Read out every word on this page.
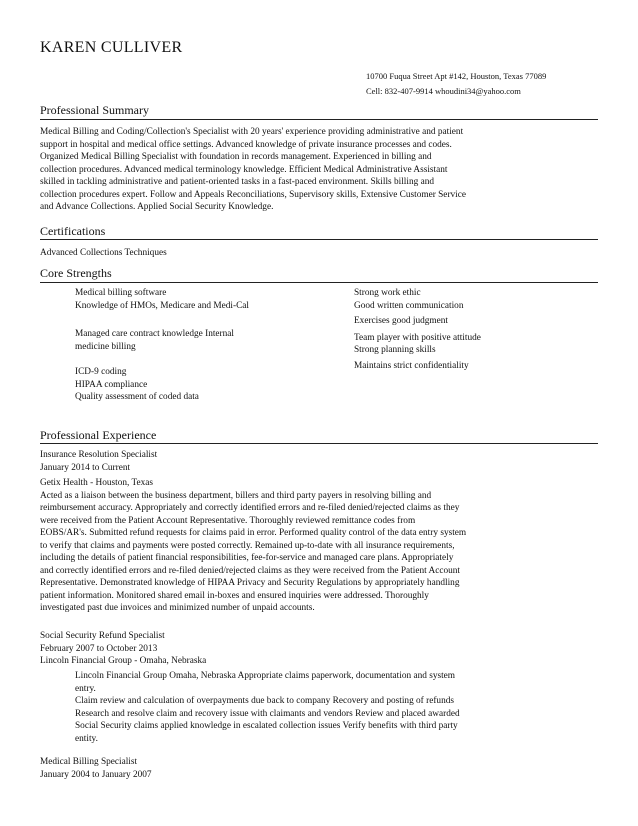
KAREN CULLIVER
10700 Fuqua Street Apt #142, Houston, Texas 77089
Cell: 832-407-9914 whoudini34@yahoo.com
Professional Summary

Medical Billing and Coding/Collection's Specialist with 20 years' experience providing administrative and patient

support in hospital and medical office settings. Advanced knowledge of private insurance processes and codes.

Organized Medical Billing Specialist with foundation in records management. Experienced in billing and

collection procedures. Advanced medical terminology knowledge. Efficient Medical Administrative Assistant

skilled in tackling administrative and patient-oriented tasks in a fast-paced environment. Skills billing and

collection procedures expert. Follow and Appeals Reconciliations, Supervisory skills, Extensive Customer Service

and Advance Collections. Applied Social Security Knowledge.

Certifications

Advanced Collections Techniques

Core Strengths

Medical billing software

Knowledge of HMOs, Medicare and Medi-Cal

Managed care contract knowledge Internal

medicine billing

ICD-9 coding

HIPAA compliance

Quality assessment of coded data

Strong work ethic

Good written communication

Exercises good judgment

Team player with positive attitude

Strong planning skills

Maintains strict confidentiality

Professional Experience

Insurance Resolution Specialist

January 2014 to Current

Getix Health - Houston, Texas

Acted as a liaison between the business department, billers and third party payers in resolving billing and

reimbursement accuracy. Appropriately and correctly identified errors and re-filed denied/rejected claims as they

were received from the Patient Account Representative. Thoroughly reviewed remittance codes from

EOBS/AR's. Submitted refund requests for claims paid in error. Performed quality control of the data entry system

to verify that claims and payments were posted correctly. Remained up-to-date with all insurance requirements,

including the details of patient financial responsibilities, fee-for-service and managed care plans. Appropriately

and correctly identified errors and re-filed denied/rejected claims as they were received from the Patient Account

Representative. Demonstrated knowledge of HIPAA Privacy and Security Regulations by appropriately handling

patient information. Monitored shared email in-boxes and ensured inquiries were addressed. Thoroughly

investigated past due invoices and minimized number of unpaid accounts.

Social Security Refund Specialist

February 2007 to October 2013

Lincoln Financial Group - Omaha, Nebraska

Lincoln Financial Group Omaha, Nebraska Appropriate claims paperwork, documentation and system

entry.

Claim review and calculation of overpayments due back to company Recovery and posting of refunds

Research and resolve claim and recovery issue with claimants and vendors Review and placed awarded

Social Security claims applied knowledge in escalated collection issues Verify benefits with third party

entity.

Medical Billing Specialist

January 2004 to January 2007
